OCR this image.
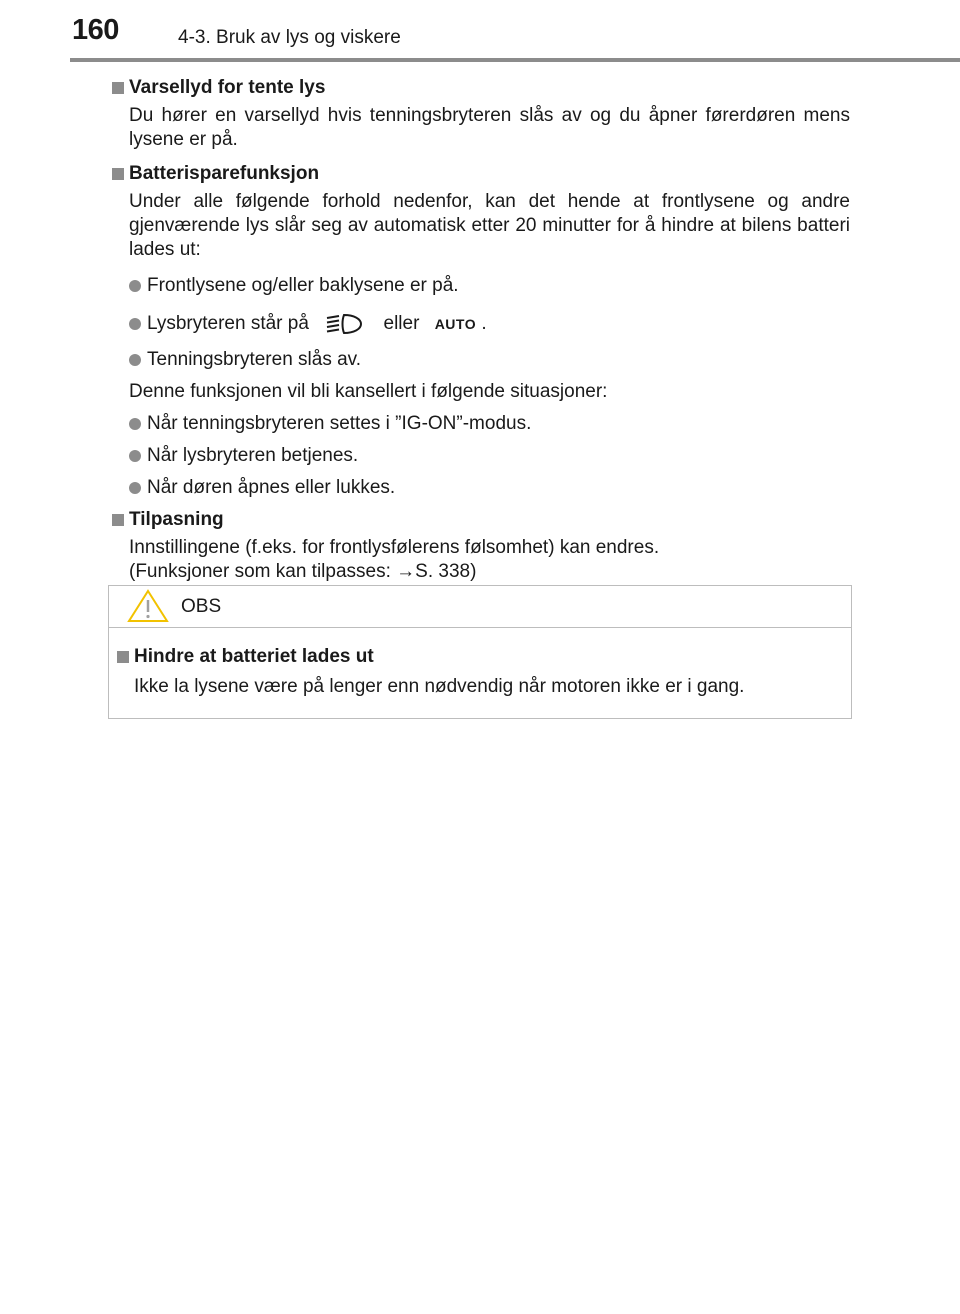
160	4-3. Bruk av lys og viskere
Varsellyd for tente lys
Du hører en varsellyd hvis tenningsbryteren slås av og du åpner førerdøren mens lysene er på.
Batterisparefunksjon
Under alle følgende forhold nedenfor, kan det hende at frontlysene og andre gjenværende lys slår seg av automatisk etter 20 minutter for å hindre at bilens batteri lades ut:
Frontlysene og/eller baklysene er på.
Lysbryteren står på	eller AUTO .
Tenningsbryteren slås av.
Denne funksjonen vil bli kansellert i følgende situasjoner:
Når tenningsbryteren settes i ”IG-ON”-modus.
Når lysbryteren betjenes.
Når døren åpnes eller lukkes.
Tilpasning
Innstillingene (f.eks. for frontlysfølerens følsomhet) kan endres.
(Funksjoner som kan tilpasses: →S. 338)
OBS
Hindre at batteriet lades ut
Ikke la lysene være på lenger enn nødvendig når motoren ikke er i gang.
